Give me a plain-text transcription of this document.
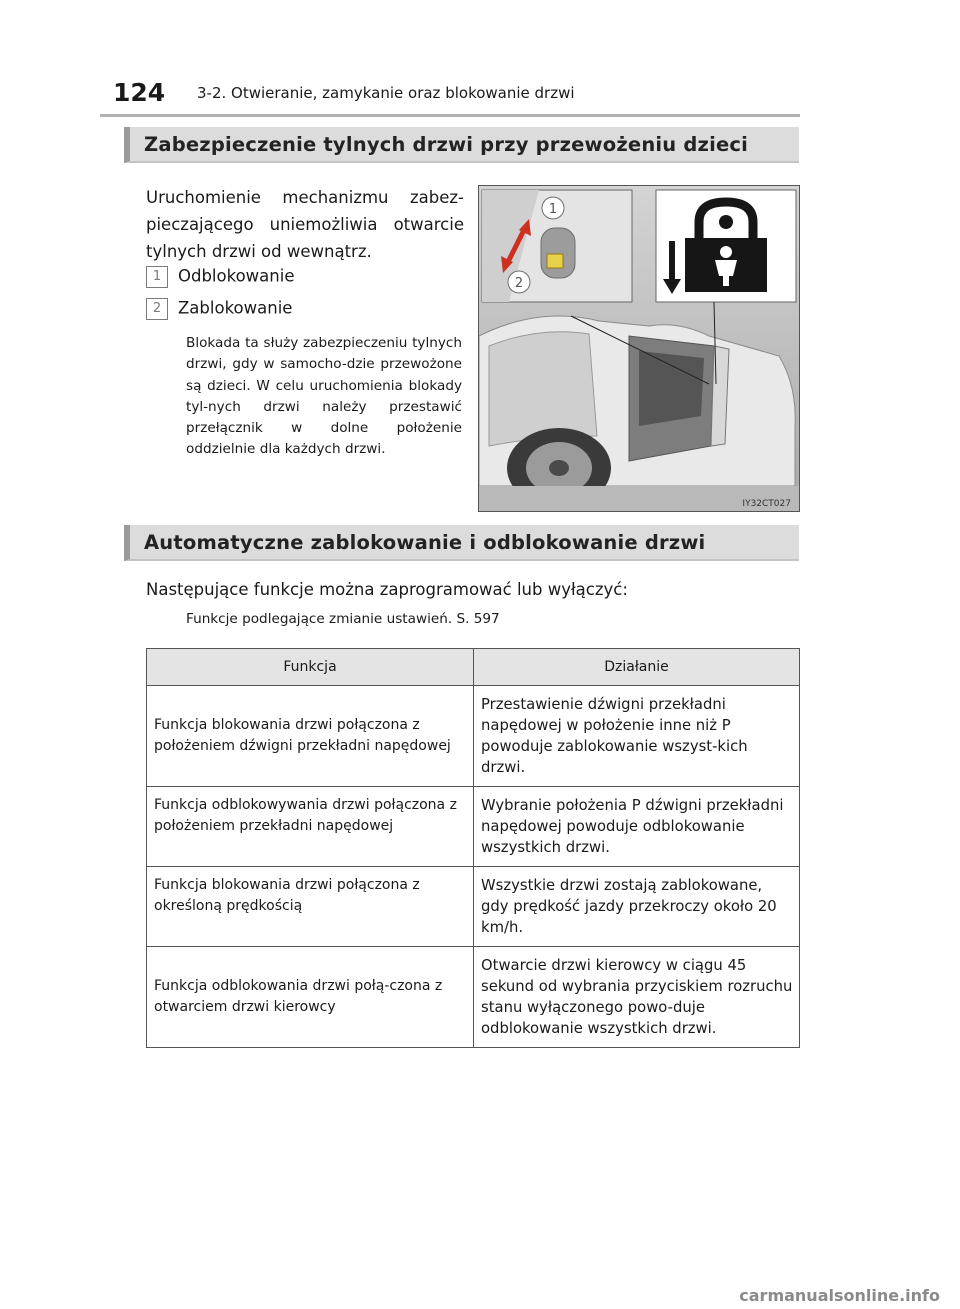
124 3-2. Otwieranie, zamykanie oraz blokowanie drzwi
Zabezpieczenie tylnych drzwi przy przewożeniu dzieci
Uruchomienie mechanizmu zabez-pieczającego uniemożliwia otwarcie tylnych drzwi od wewnątrz.
1 Odblokowanie
2 Zablokowanie
Blokada ta służy zabezpieczeniu tylnych drzwi, gdy w samocho-dzie przewożone są dzieci. W celu uruchomienia blokady tyl-nych drzwi należy przestawić przełącznik w dolne położenie oddzielnie dla każdych drzwi.
1
2
IY32CT027
Automatyczne zablokowanie i odblokowanie drzwi
Następujące funkcje można zaprogramować lub wyłączyć:
Funkcje podlegające zmianie ustawień. S. 597
Funkcja	Działanie
Funkcja blokowania drzwi połączona z położeniem dźwigni przekładni napędowej	Przestawienie dźwigni przekładni napędowej w położenie inne niż P powoduje zablokowanie wszyst-kich drzwi.
Funkcja odblokowywania drzwi połączona z położeniem przekładni napędowej	Wybranie położenia P dźwigni przekładni napędowej powoduje odblokowanie wszystkich drzwi.
Funkcja blokowania drzwi połączona z określoną prędkością	Wszystkie drzwi zostają zablokowane, gdy prędkość jazdy przekroczy około 20 km/h.
Funkcja odblokowania drzwi połą-czona z otwarciem drzwi kierowcy	Otwarcie drzwi kierowcy w ciągu 45 sekund od wybrania przyciskiem rozruchu stanu wyłączonego powo-duje odblokowanie wszystkich drzwi.
carmanualsonline.info
